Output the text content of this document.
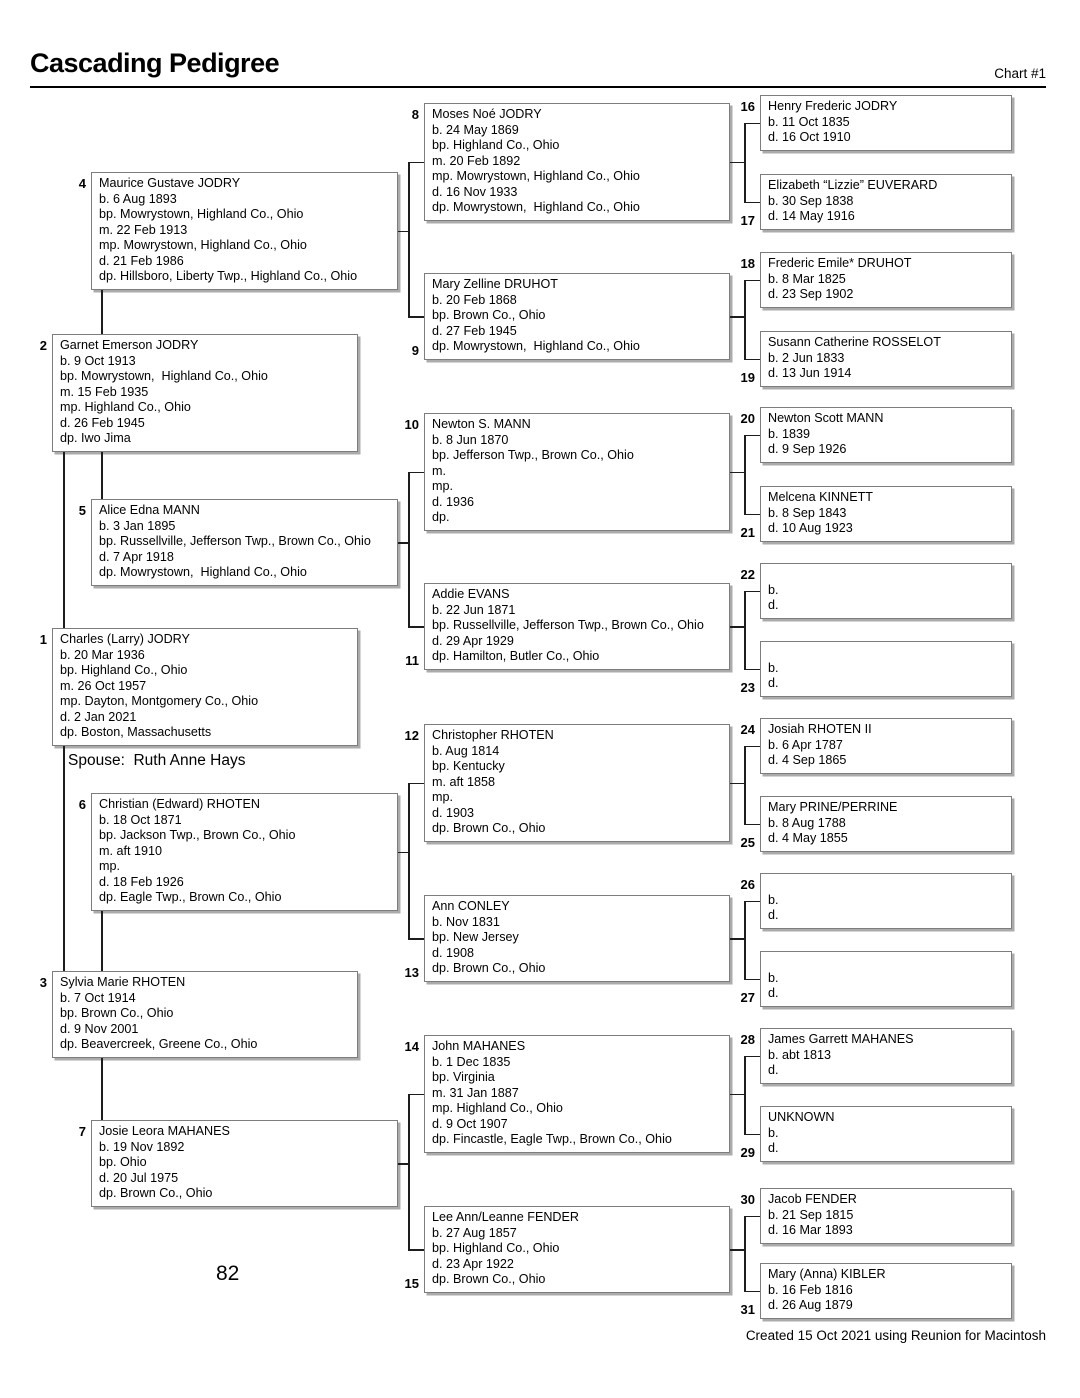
Cascading Pedigree	Chart #1
Charles (Larry) JODRY
b. 20 Mar 1936
bp. Highland Co., Ohio
m. 26 Oct 1957
mp. Dayton, Montgomery Co., Ohio
d. 2 Jan 2021
dp. Boston, Massachusetts
1
Garnet Emerson JODRY
b. 9 Oct 1913
bp. Mowrystown,  Highland Co., Ohio
m. 15 Feb 1935
mp. Highland Co., Ohio
d. 26 Feb 1945
dp. Iwo Jima
2
Sylvia Marie RHOTEN
b. 7 Oct 1914
bp. Brown Co., Ohio
d. 9 Nov 2001
dp. Beavercreek, Greene Co., Ohio
3
Maurice Gustave JODRY
b. 6 Aug 1893
bp. Mowrystown, Highland Co., Ohio
m. 22 Feb 1913
mp. Mowrystown, Highland Co., Ohio
d. 21 Feb 1986
dp. Hillsboro, Liberty Twp., Highland Co., Ohio
4
Alice Edna MANN
b. 3 Jan 1895
bp. Russellville, Jefferson Twp., Brown Co., Ohio
d. 7 Apr 1918
dp. Mowrystown,  Highland Co., Ohio
5
Christian (Edward) RHOTEN
b. 18 Oct 1871
bp. Jackson Twp., Brown Co., Ohio
m. aft 1910
mp.
d. 18 Feb 1926
dp. Eagle Twp., Brown Co., Ohio
6
Josie Leora MAHANES
b. 19 Nov 1892
bp. Ohio
d. 20 Jul 1975
dp. Brown Co., Ohio
7
Moses Noé JODRY
b. 24 May 1869
bp. Highland Co., Ohio
m. 20 Feb 1892
mp. Mowrystown, Highland Co., Ohio
d. 16 Nov 1933
dp. Mowrystown,  Highland Co., Ohio
8
Mary Zelline DRUHOT
b. 20 Feb 1868
bp. Brown Co., Ohio
d. 27 Feb 1945
dp. Mowrystown,  Highland Co., Ohio
9
Newton S. MANN
b. 8 Jun 1870
bp. Jefferson Twp., Brown Co., Ohio
m.
mp.
d. 1936
dp.
10
Addie EVANS
b. 22 Jun 1871
bp. Russellville, Jefferson Twp., Brown Co., Ohio
d. 29 Apr 1929
dp. Hamilton, Butler Co., Ohio
11
Christopher RHOTEN
b. Aug 1814
bp. Kentucky
m. aft 1858
mp.
d. 1903
dp. Brown Co., Ohio
12
Ann CONLEY
b. Nov 1831
bp. New Jersey
d. 1908
dp. Brown Co., Ohio
13
John MAHANES
b. 1 Dec 1835
bp. Virginia
m. 31 Jan 1887
mp. Highland Co., Ohio
d. 9 Oct 1907
dp. Fincastle, Eagle Twp., Brown Co., Ohio
14
Lee Ann/Leanne FENDER
b. 27 Aug 1857
bp. Highland Co., Ohio
d. 23 Apr 1922
dp. Brown Co., Ohio
15
Henry Frederic JODRY
b. 11 Oct 1835
d. 16 Oct 1910
16
Elizabeth “Lizzie” EUVERARD
b. 30 Sep 1838
d. 14 May 1916
17
Frederic Emile* DRUHOT
b. 8 Mar 1825
d. 23 Sep 1902
18
Susann Catherine ROSSELOT
b. 2 Jun 1833
d. 13 Jun 1914
19
Newton Scott MANN
b. 1839
d. 9 Sep 1926
20
Melcena KINNETT
b. 8 Sep 1843
d. 10 Aug 1923
21
b.
d.
22
b.
d.
23
Josiah RHOTEN II
b. 6 Apr 1787
d. 4 Sep 1865
24
Mary PRINE/PERRINE
b. 8 Aug 1788
d. 4 May 1855
25
b.
d.
26
b.
d.
27
James Garrett MAHANES
b. abt 1813
d.
28
UNKNOWN
b.
d.
29
Jacob FENDER
b. 21 Sep 1815
d. 16 Mar 1893
30
Mary (Anna) KIBLER
b. 16 Feb 1816
d. 26 Aug 1879
31
Spouse:  Ruth Anne Hays
82
Created 15 Oct 2021 using Reunion for Macintosh
